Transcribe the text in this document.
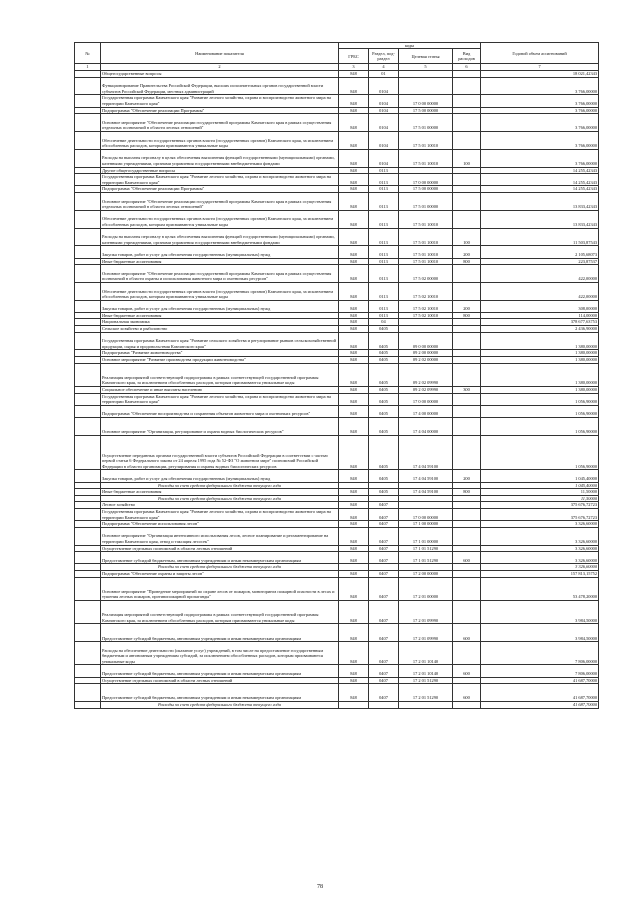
№	Наименование показателя	коды				Годовой объем ассигнований
		ГРБС	Раздел, под-раздел	Целевая статья	Вид расходов	
1	2	3	4	5	6	7
	Общегосударственные вопросы	848	01			18 021,42343
	Функционирование Правительства Российской Федерации, высших исполнительных органов государственной власти субъектов Российской Федерации, местных администраций	848	0104			3 766,00000
	Государственная программа Камчатского края "Развитие лесного хозяйства, охрана и воспроизводство животного мира на территории Камчатского края"	848	0104	17 0 00 00000		3 766,00000
	Подпрограмма "Обеспечение реализации Программы"	848	0104	17 5 00 00000		3 766,00000
	Основное мероприятие "Обеспечение реализации государственной программы Камчатского края в рамках осуществления отдельных полномочий в области лесных отношений"	848	0104	17 5 01 00000		3 766,00000
	Обеспечение деятельности государственных органов власти (государственных органов) Камчатского края, за исключением обособленных расходов, которым присваиваются уникальные коды	848	0104	17 5 01 10010		3 766,00000
	Расходы на выплаты персоналу в целях обеспечения выполнения функций государственными (муниципальными) органами, казенными учреждениями, органами управления государственными внебюджетными фондами	848	0104	17 5 01 10010	100	3 766,00000
	Другие общегосударственные вопросы	848	0113			14 255,42343
	Государственная программа Камчатского края "Развитие лесного хозяйства, охрана и воспроизводство животного мира на территории Камчатского края"	848	0113	17 0 00 00000		14 255,42343
	Подпрограмма "Обеспечение реализации Программы"	848	0113	17 5 00 00000		14 255,42343
	Основное мероприятие "Обеспечение реализации государственной программы Камчатского края в рамках осуществления отдельных полномочий в области лесных отношений"	848	0113	17 5 01 00000		13 833,42343
	Обеспечение деятельности государственных органов власти (государственных органов) Камчатского края, за исключением обособленных расходов, которым присваиваются уникальные коды	848	0113	17 5 01 10010		13 833,42343
	Расходы на выплаты персоналу в целях обеспечения выполнения функций государственными (муниципальными) органами, казенными учреждениями, органами управления государственными внебюджетными фондами	848	0113	17 5 01 10010	100	11 503,87543
	Закупка товаров, работ и услуг для обеспечения государственных (муниципальных) нужд	848	0113	17 5 01 10010	200	2 105,68073
	Иные бюджетные ассигнования	848	0113	17 5 01 10010	800	223,87537
	Основное мероприятие "Обеспечение реализации государственной программы Камчатского края в рамках осуществления полномочий в области охраны и использования животного мира и охотничьих ресурсов"	848	0113	17 5 02 00000		422,00000
	Обеспечение деятельности государственных органов власти (государственных органов) Камчатского края, за исключением обособленных расходов, которым присваиваются уникальные коды	848	0113	17 5 02 10010		422,00000
	Закупка товаров, работ и услуг для обеспечения государственных (муниципальных) нужд	848	0113	17 5 02 10010	200	308,00000
	Иные бюджетные ассигнования	848	0113	17 5 02 10010	800	114,00000
	Национальная экономика	848	04			378 677,63753
	Сельское хозяйство и рыболовство	848	0405			2 436,90000
	Государственная программа Камчатского края "Развитие сельского хозяйства и регулирование рынков сельскохозяйственной продукции, сырья и продовольствия Камчатского края"	848	0405	09 0 00 00000		1 380,00000
	Подпрограмма "Развитие животноводства"	848	0405	09 2 00 00000		1 380,00000
	Основное мероприятие "Развитие производства продукции животноводства"	848	0405	09 2 02 00000		1 380,00000
	Реализация мероприятий соответствующей подпрограммы в рамках соответствующей государственной программы Камчатского края, за исключением обособленных расходов, которым присваиваются уникальные коды	848	0405	09 2 02 09990		1 380,00000
	Социальное обеспечение и иные выплаты населению	848	0405	09 2 02 09990	300	1 380,00000
	Государственная программа Камчатского края "Развитие лесного хозяйства, охрана и воспроизводство животного мира на территории Камчатского края"	848	0405	17 0 00 00000		1 056,90000
	Подпрограмма "Обеспечение воспроизводства и сохранения объектов животного мира и охотничьих ресурсов"	848	0405	17 4 00 00000		1 056,90000
	Основное мероприятие "Организация, регулирование и охрана водных биологических ресурсов"	848	0405	17 4 04 00000		1 056,90000
	Осуществление переданных органам государственной власти субъектов Российской Федерации в соответствии с частью первой статьи 6 Федерального закона от 24 апреля 1995 года № 52-ФЗ "О животном мире" полномочий Российской Федерации в области организации, регулирования и охраны водных биологических ресурсов	848	0405	17 4 04 59100		1 056,90000
	Закупка товаров, работ и услуг для обеспечения государственных (муниципальных) нужд	848	0405	17 4 04 59100	200	1 045,40000
	Расходы за счет средств федерального бюджета текущего года					1 045,40000
	Иные бюджетные ассигнования	848	0405	17 4 04 59100	800	11,50000
	Расходы за счет средств федерального бюджета текущего года					11,50000
	Лесное хозяйство	848	0407			375 676,72723
	Государственная программа Камчатского края "Развитие лесного хозяйства, охрана и воспроизводство животного мира на территории Камчатского края"	848	0407	17 0 00 00000		375 676,72723
	Подпрограмма "Обеспечение использования лесов"	848	0407	17 1 00 00000		3 326,60000
	Основное мероприятие "Организация интенсивного использования лесов, лесное планирование и регламентирование на территории Камчатского края, отвод и таксация лесосек"	848	0407	17 1 01 00000		3 326,60000
	Осуществление отдельных полномочий в области лесных отношений	848	0407	17 1 01 51290		3 326,60000
	Предоставление субсидий бюджетным, автономным учреждениям и иным некоммерческим организациям	848	0407	17 1 01 51290	600	3 326,60000
	Расходы за счет средств федерального бюджета текущего года					3 326,60000
	Подпрограмма "Обеспечение охраны и защиты лесов"	848	0407	17 2 00 00000		157 813,15752
	Основное мероприятие "Проведение мероприятий по охране лесов от пожаров, мониторинга пожарной опасности в лесах и тушения лесных пожаров, противопожарной пропаганды"	848	0407	17 2 01 00000		53 478,20000
	Реализация мероприятий соответствующей подпрограммы в рамках соответствующей государственной программы Камчатского края, за исключением обособленных расходов, которым присваиваются уникальные коды	848	0407	17 2 01 09990		3 984,50000
	Предоставление субсидий бюджетным, автономным учреждениям и иным некоммерческим организациям	848	0407	17 2 01 09990	600	3 984,50000
	Расходы на обеспечение деятельности (оказание услуг) учреждений, в том числе на предоставление государственным бюджетным и автономным учреждениям субсидий, за исключением обособленных расходов, которым присваиваются уникальные коды	848	0407	17 2 01 10140		7 806,00000
	Предоставление субсидий бюджетным, автономным учреждениям и иным некоммерческим организациям	848	0407	17 2 01 10140	600	7 806,00000
	Осуществление отдельных полномочий в области лесных отношений	848	0407	17 2 01 51290		41 687,70000
	Предоставление субсидий бюджетным, автономным учреждениям и иным некоммерческим организациям	848	0407	17 2 01 51290	600	41 687,70000
	Расходы за счет средств федерального бюджета текущего года					41 687,70000
78
